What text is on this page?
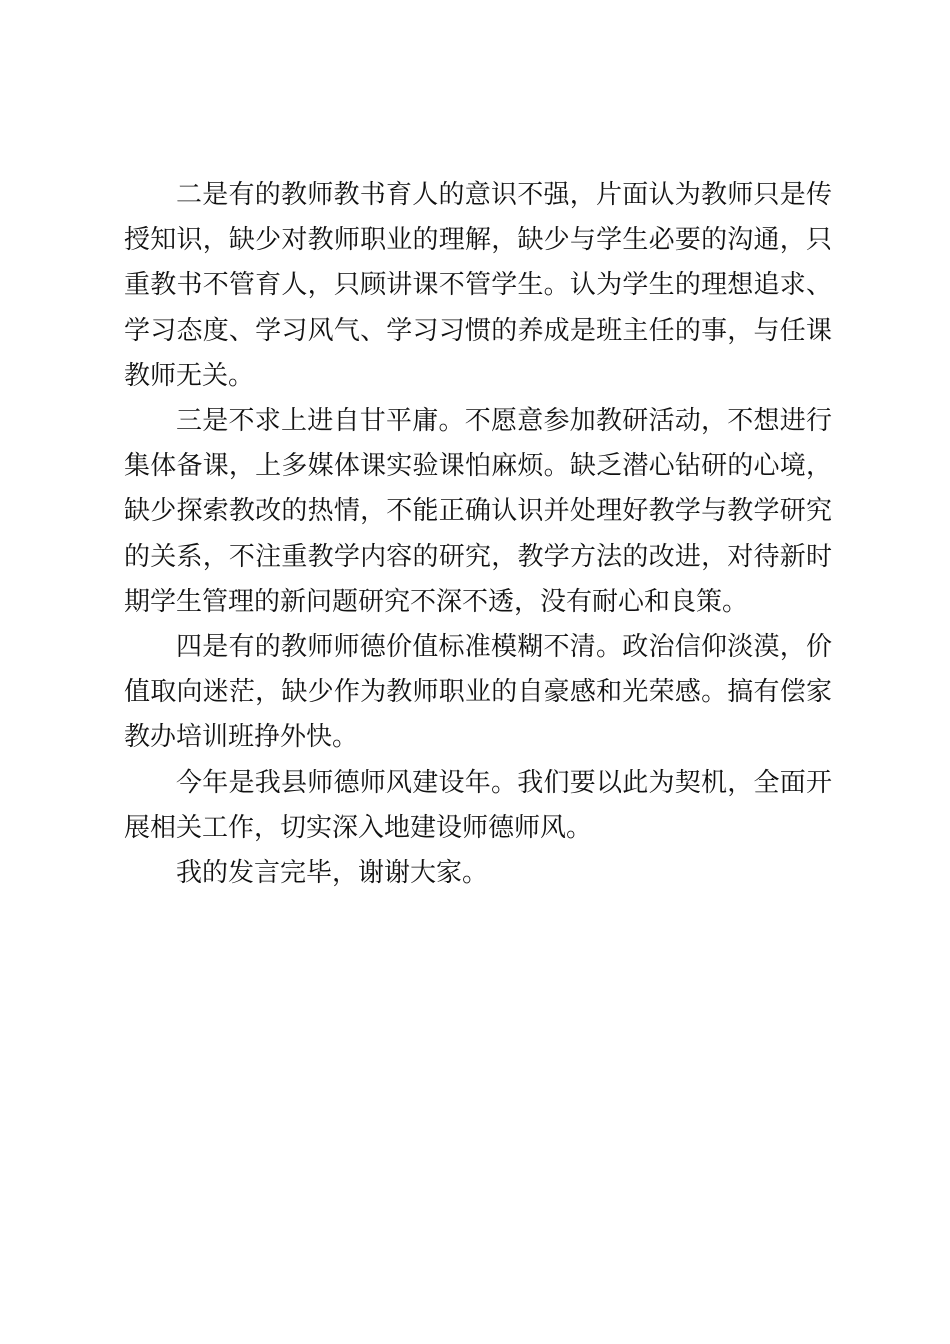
二是有的教师教书育人的意识不强，片面认为教师只是传授知识，缺少对教师职业的理解，缺少与学生必要的沟通，只重教书不管育人，只顾讲课不管学生。认为学生的理想追求、学习态度、学习风气、学习习惯的养成是班主任的事，与任课教师无关。

三是不求上进自甘平庸。不愿意参加教研活动，不想进行集体备课，上多媒体课实验课怕麻烦。缺乏潜心钻研的心境，缺少探索教改的热情，不能正确认识并处理好教学与教学研究的关系，不注重教学内容的研究，教学方法的改进，对待新时期学生管理的新问题研究不深不透，没有耐心和良策。

四是有的教师师德价值标准模糊不清。政治信仰淡漠，价值取向迷茫，缺少作为教师职业的自豪感和光荣感。搞有偿家教办培训班挣外快。

今年是我县师德师风建设年。我们要以此为契机，全面开展相关工作，切实深入地建设师德师风。

我的发言完毕，谢谢大家。
